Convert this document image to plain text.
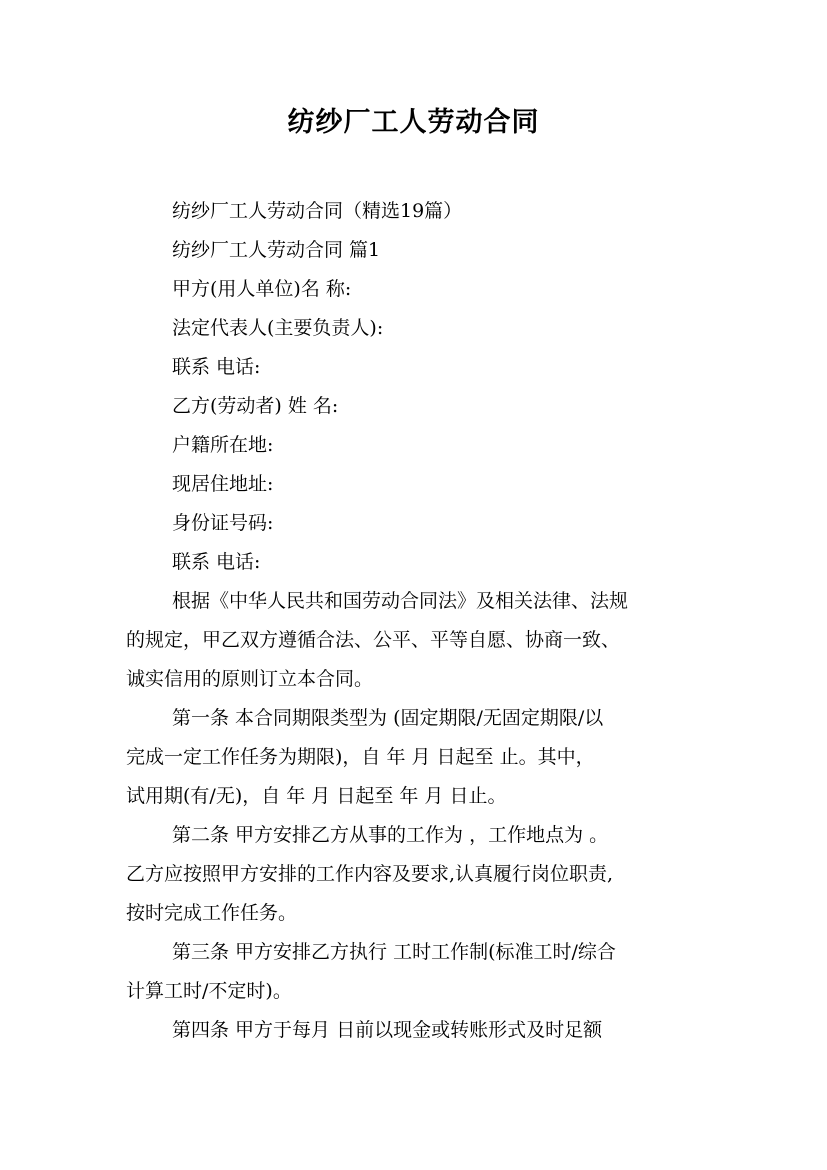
纺纱厂工人劳动合同

纺纱厂工人劳动合同（精选19篇）

纺纱厂工人劳动合同 篇1

甲方(用人单位)名 称:

法定代表人(主要负责人):

联系 电话:

乙方(劳动者) 姓 名:

户籍所在地:

现居住地址:

身份证号码:

联系 电话:

根据《中华人民共和国劳动合同法》及相关法律、法规

的规定，甲乙双方遵循合法、公平、平等自愿、协商一致、

诚实信用的原则订立本合同。

第一条 本合同期限类型为 (固定期限/无固定期限/以

完成一定工作任务为期限)，自 年 月 日起至 止。其中，

试用期(有/无)，自 年 月 日起至 年 月 日止。

第二条 甲方安排乙方从事的工作为 ，工作地点为 。

乙方应按照甲方安排的工作内容及要求,认真履行岗位职责,

按时完成工作任务。

第三条 甲方安排乙方执行 工时工作制(标准工时/综合

计算工时/不定时)。

第四条 甲方于每月 日前以现金或转账形式及时足额
